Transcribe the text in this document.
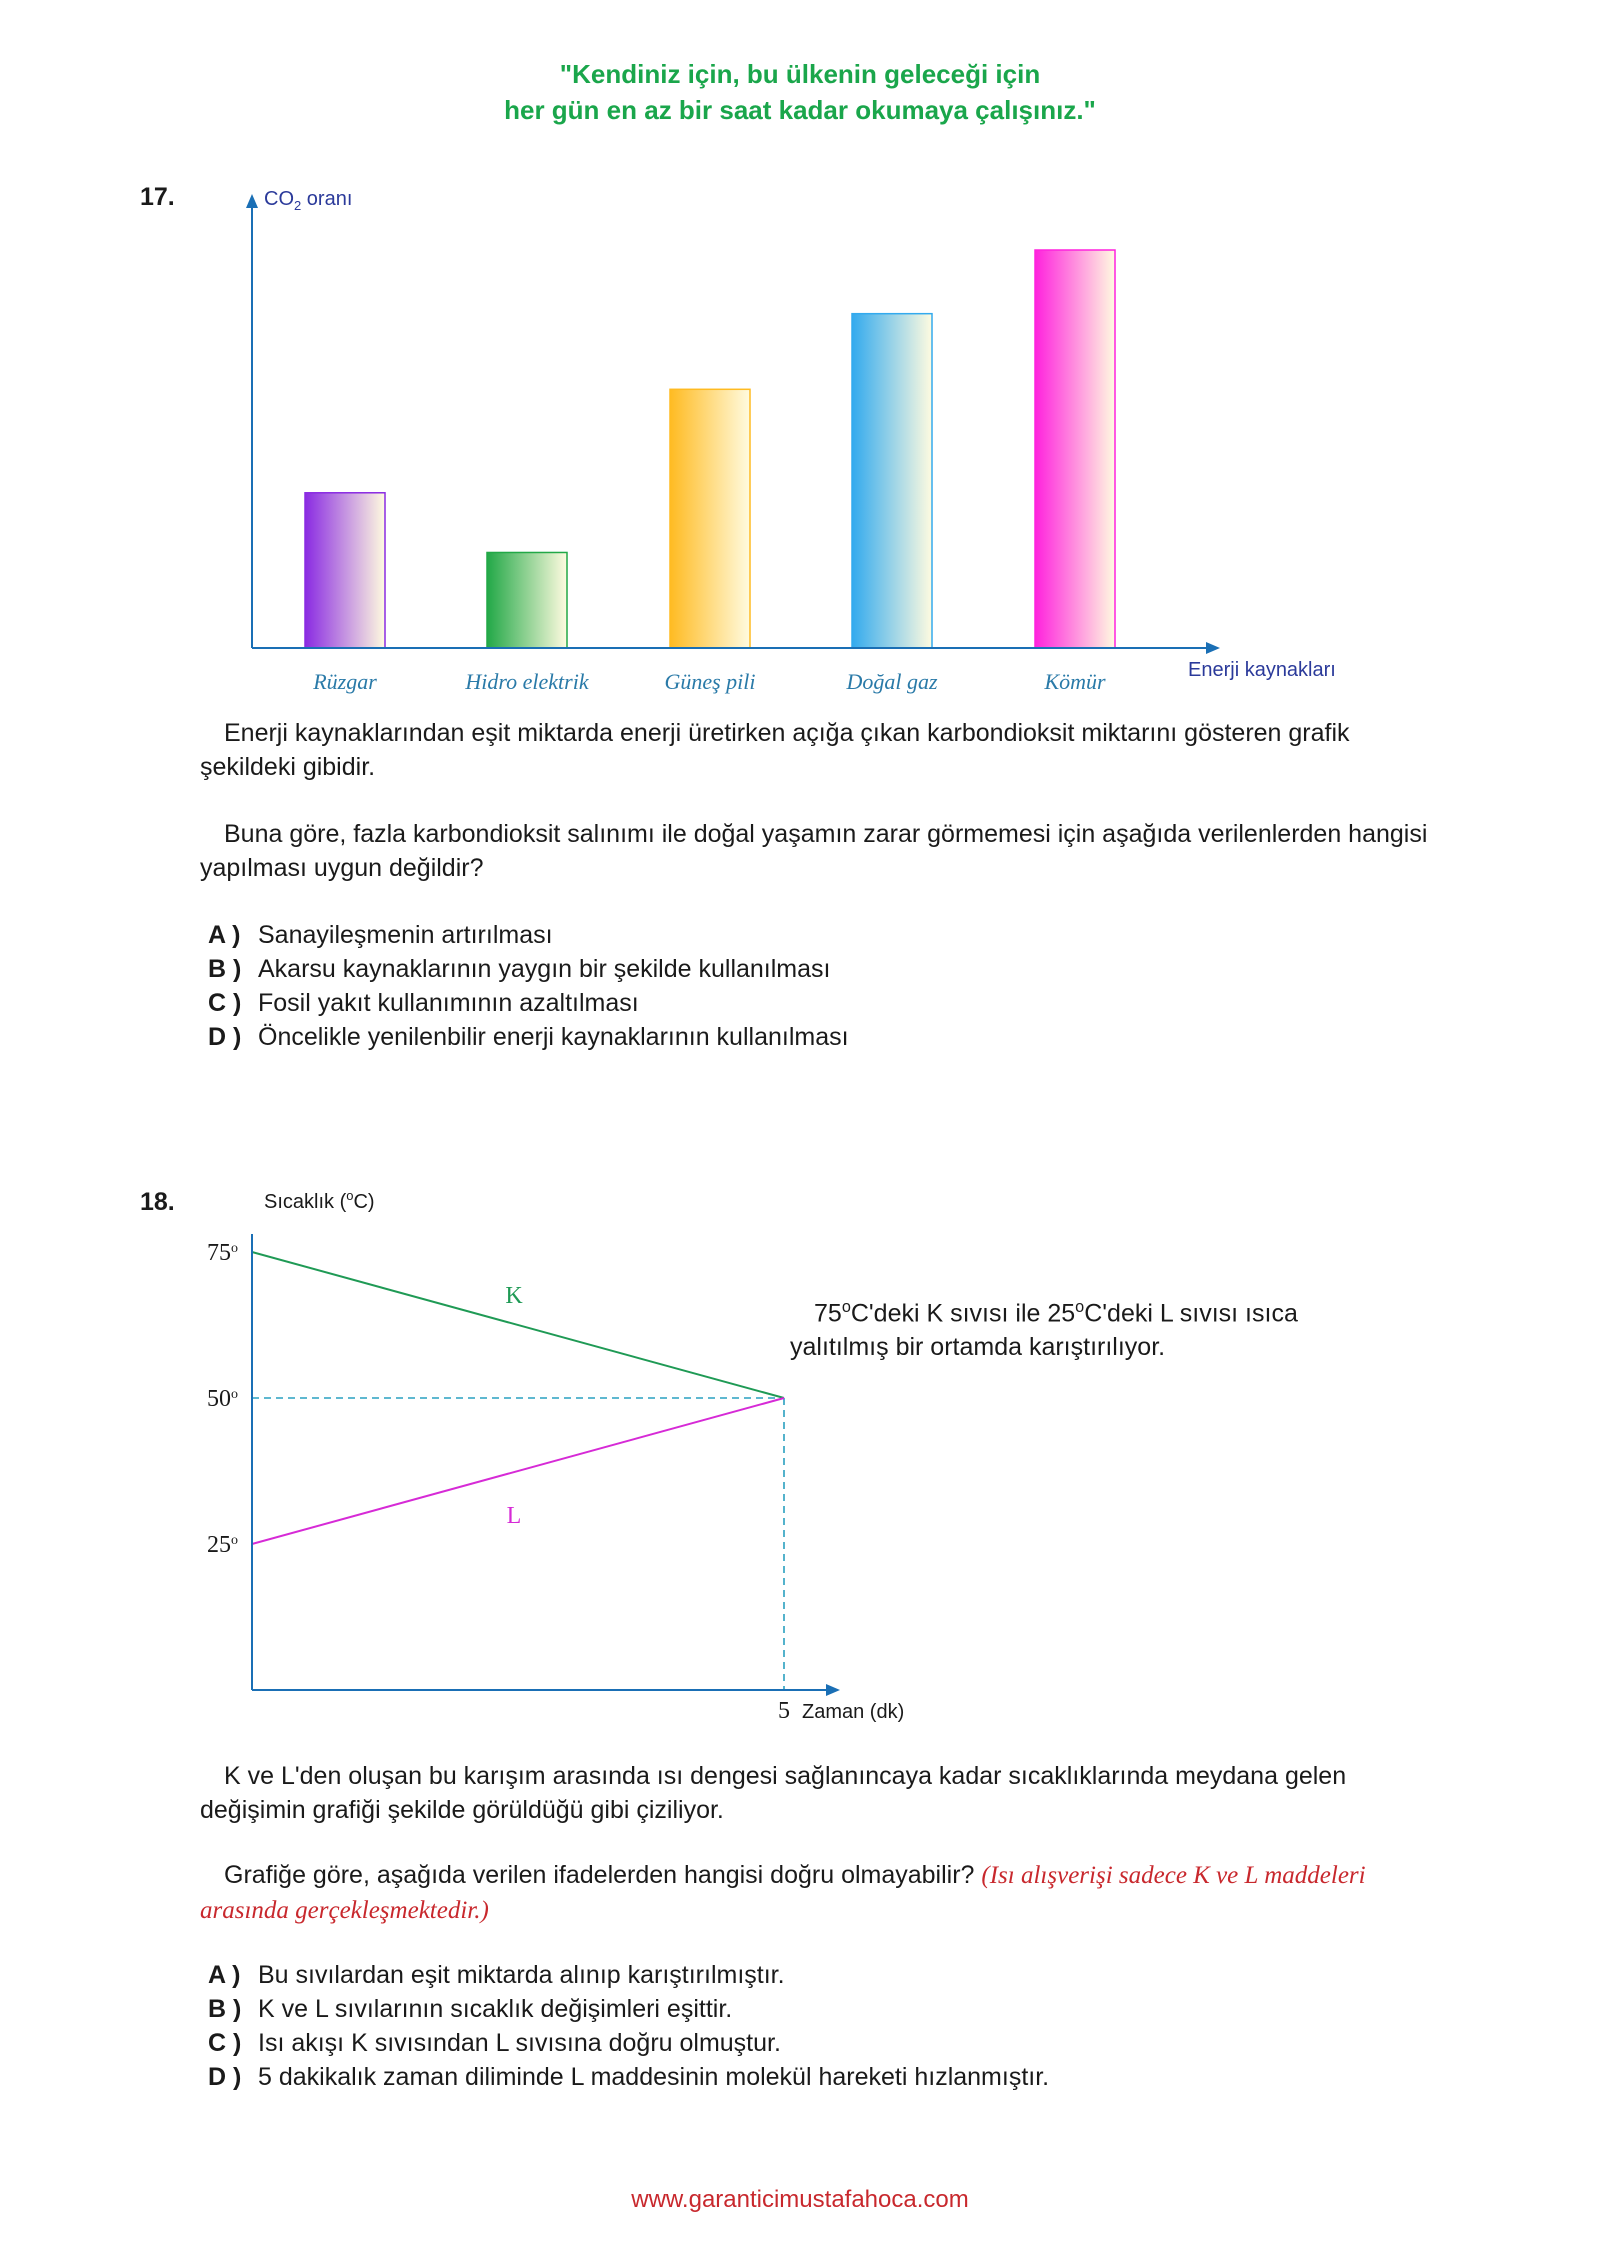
"Kendiniz için, bu ülkenin geleceği için
her gün en az bir saat kadar okumaya çalışınız."
17.
Rüzgar	Hidro elektrik	Güneş pili	Doğal gaz	Kömür
$CO_2$ oranı
Enerji kaynakları
Enerji kaynaklarından eşit miktarda enerji üretirken açığa çıkan karbondioksit miktarını gösteren grafik şekildeki gibidir.
Buna göre, fazla karbondioksit salınımı ile doğal yaşamın zarar görmemesi için aşağıda verilenlerden hangisi yapılması uygun değildir?
A ) Sanayileşmenin artırılması
B ) Akarsu kaynaklarının yaygın bir şekilde kullanılması
C ) Fosil yakıt kullanımının azaltılması
D ) Öncelikle yenilenbilir enerji kaynaklarının kullanılması
18.
75$^o$
50$^o$
25$^o$
5
K
L
Sıcaklık ($^o$C)
Zaman (dk)
75$^o$C'deki K sıvısı ile 25$^o$C'deki L sıvısı ısıca
yalıtılmış bir ortamda karıştırılıyor.
K ve L'den oluşan bu karışım arasında ısı dengesi sağlanıncaya kadar sıcaklıklarında meydana gelen değişimin grafiği şekilde görüldüğü gibi çiziliyor.
Grafiğe göre, aşağıda verilen ifadelerden hangisi doğru olmayabilir? (Isı alışverişi sadece K ve L maddeleri arasında gerçekleşmektedir.)
A ) Bu sıvılardan eşit miktarda alınıp karıştırılmıştır.
B ) K ve L sıvılarının sıcaklık değişimleri eşittir.
C ) Isı akışı K sıvısından L sıvısına doğru olmuştur.
D ) 5 dakikalık zaman diliminde L maddesinin molekül hareketi hızlanmıştır.
www.garanticimustafahoca.com
